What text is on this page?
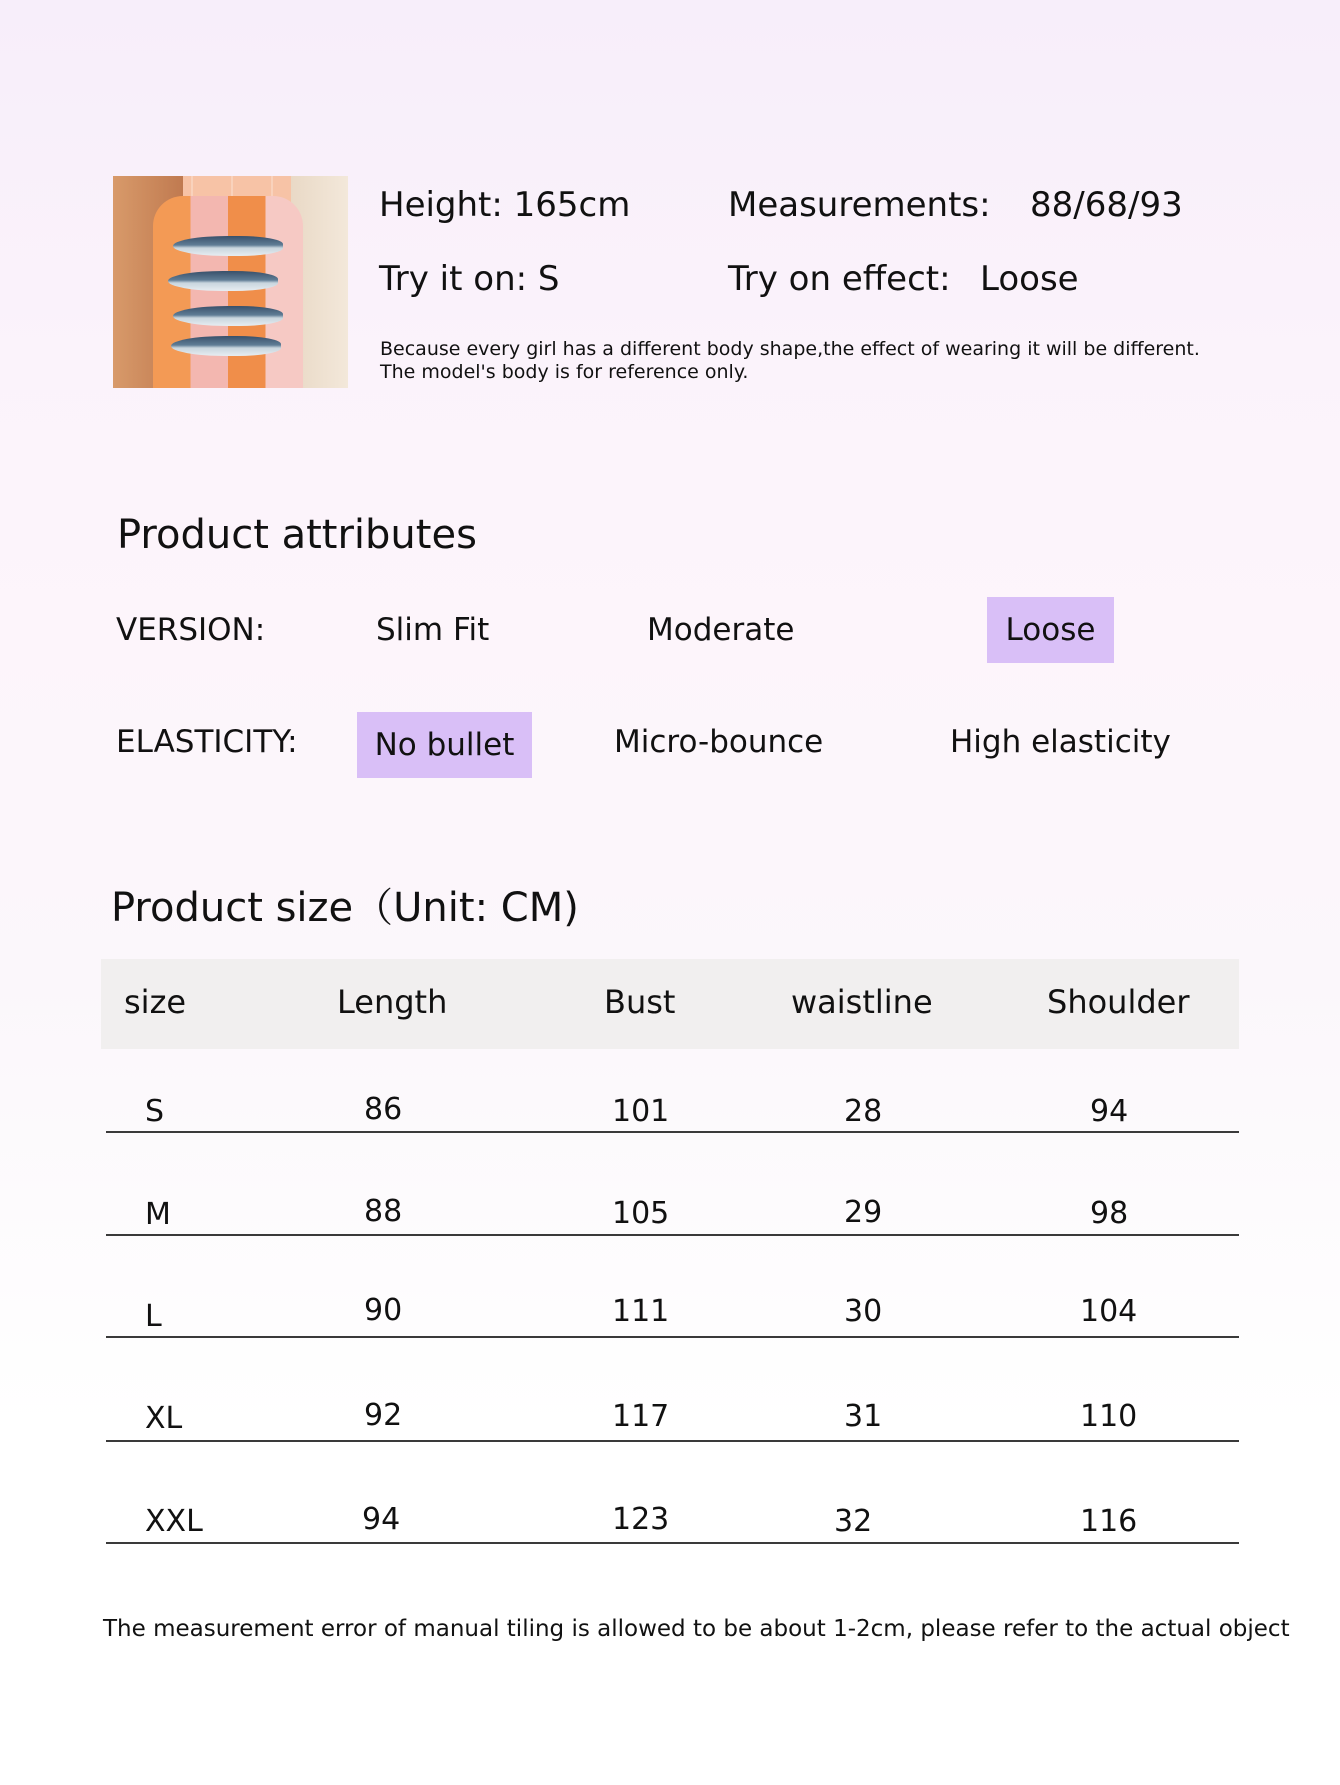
Height: 165cm	Measurements: 88/68/93
Try it on: S	Try on effect: Loose
Because every girl has a different body shape,the effect of wearing it will be different.
The model's body is for reference only.
Product attributes
VERSION:	Slim Fit	Moderate	Loose
ELASTICITY:	No bullet	Micro-bounce	High elasticity
Product size（Unit: CM)
size	Length	Bust	waistline	Shoulder
S	86	101	28	94
M	88	105	29	98
L	90	111	30	104
XL	92	117	31	110
XXL	94	123	32	116
The measurement error of manual tiling is allowed to be about 1-2cm, please refer to the actual object
